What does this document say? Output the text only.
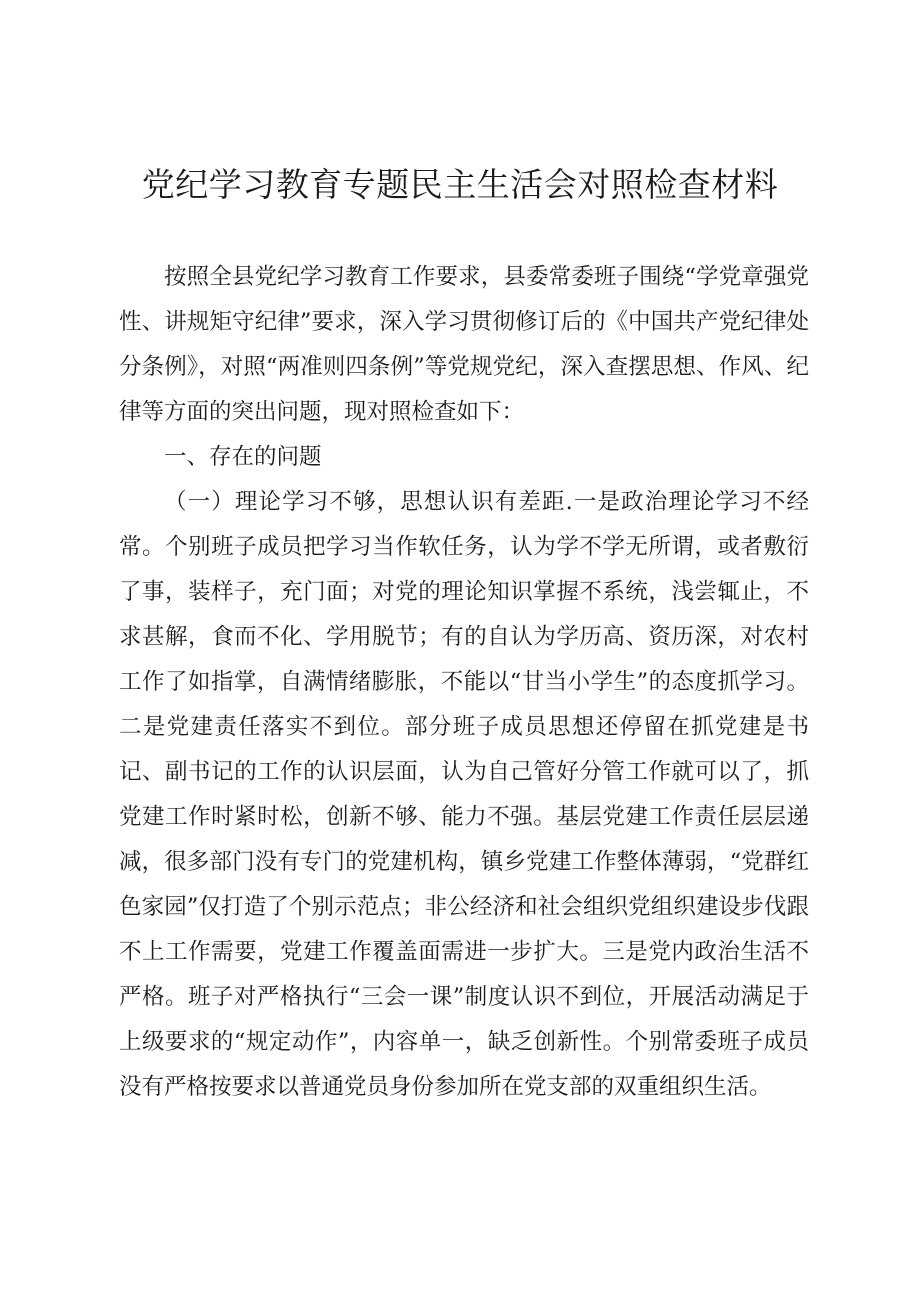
党纪学习教育专题民主生活会对照检查材料

按照全县党纪学习教育工作要求，县委常委班子围绕“学党章强党性、讲规矩守纪律”要求，深入学习贯彻修订后的《中国共产党纪律处分条例》，对照“两准则四条例”等党规党纪，深入查摆思想、作风、纪律等方面的突出问题，现对照检查如下：

一、存在的问题

（一）理论学习不够，思想认识有差距.一是政治理论学习不经常。个别班子成员把学习当作软任务，认为学不学无所谓，或者敷衍了事，装样子，充门面；对党的理论知识掌握不系统，浅尝辄止，不求甚解，食而不化、学用脱节；有的自认为学历高、资历深，对农村工作了如指掌，自满情绪膨胀，不能以“甘当小学生”的态度抓学习。二是党建责任落实不到位。部分班子成员思想还停留在抓党建是书记、副书记的工作的认识层面，认为自己管好分管工作就可以了，抓党建工作时紧时松，创新不够、能力不强。基层党建工作责任层层递减，很多部门没有专门的党建机构，镇乡党建工作整体薄弱，“党群红色家园”仅打造了个别示范点；非公经济和社会组织党组织建设步伐跟不上工作需要，党建工作覆盖面需进一步扩大。三是党内政治生活不严格。班子对严格执行“三会一课”制度认识不到位，开展活动满足于上级要求的“规定动作”，内容单一，缺乏创新性。个别常委班子成员没有严格按要求以普通党员身份参加所在党支部的双重组织生活。
